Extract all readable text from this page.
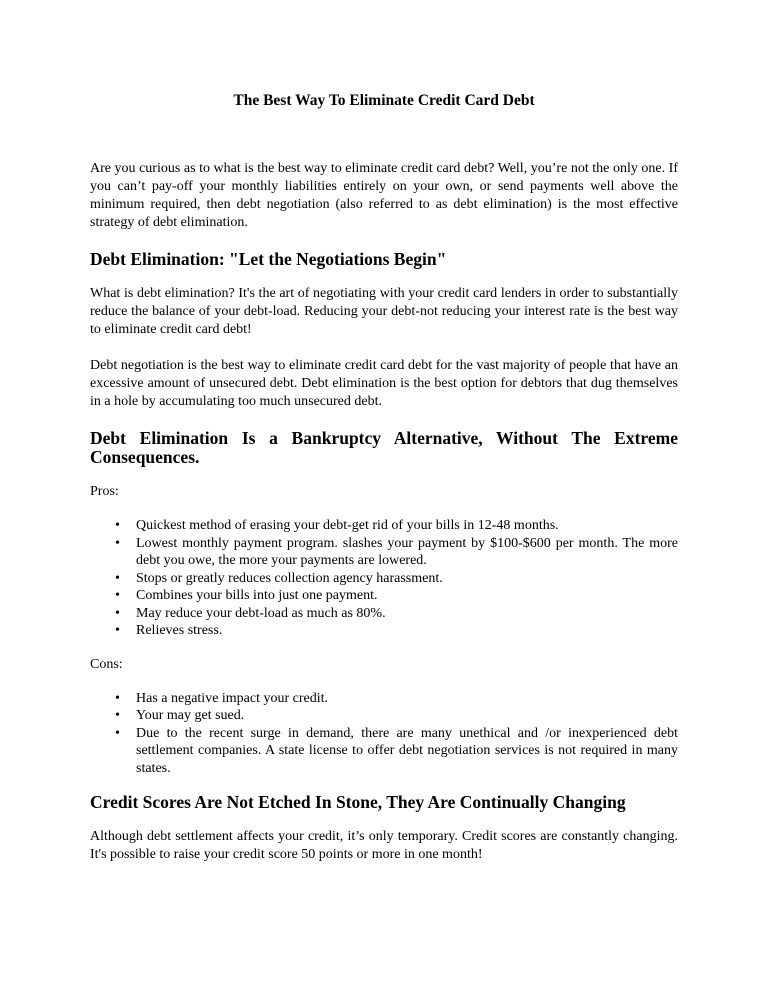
The Best Way To Eliminate Credit Card Debt

Are you curious as to what is the best way to eliminate credit card debt? Well, you’re not the only one. If you can’t pay-off your monthly liabilities entirely on your own, or send payments well above the minimum required, then debt negotiation (also referred to as debt elimination) is the most effective strategy of debt elimination.

Debt Elimination: "Let the Negotiations Begin"

What is debt elimination? It's the art of negotiating with your credit card lenders in order to substantially reduce the balance of your debt-load. Reducing your debt-not reducing your interest rate is the best way to eliminate credit card debt!

Debt negotiation is the best way to eliminate credit card debt for the vast majority of people that have an excessive amount of unsecured debt. Debt elimination is the best option for debtors that dug themselves in a hole by accumulating too much unsecured debt.

Debt Elimination Is a Bankruptcy Alternative, Without The Extreme Consequences.

Pros:

• Quickest method of erasing your debt-get rid of your bills in 12-48 months.
• Lowest monthly payment program. slashes your payment by $100-$600 per month. The more debt you owe, the more your payments are lowered.
• Stops or greatly reduces collection agency harassment.
• Combines your bills into just one payment.
• May reduce your debt-load as much as 80%.
• Relieves stress.

Cons:

• Has a negative impact your credit.
• Your may get sued.
• Due to the recent surge in demand, there are many unethical and /or inexperienced debt settlement companies. A state license to offer debt negotiation services is not required in many states.
Credit Scores Are Not Etched In Stone, They Are Continually Changing

Although debt settlement affects your credit, it’s only temporary. Credit scores are constantly changing. It's possible to raise your credit score 50 points or more in one month!
